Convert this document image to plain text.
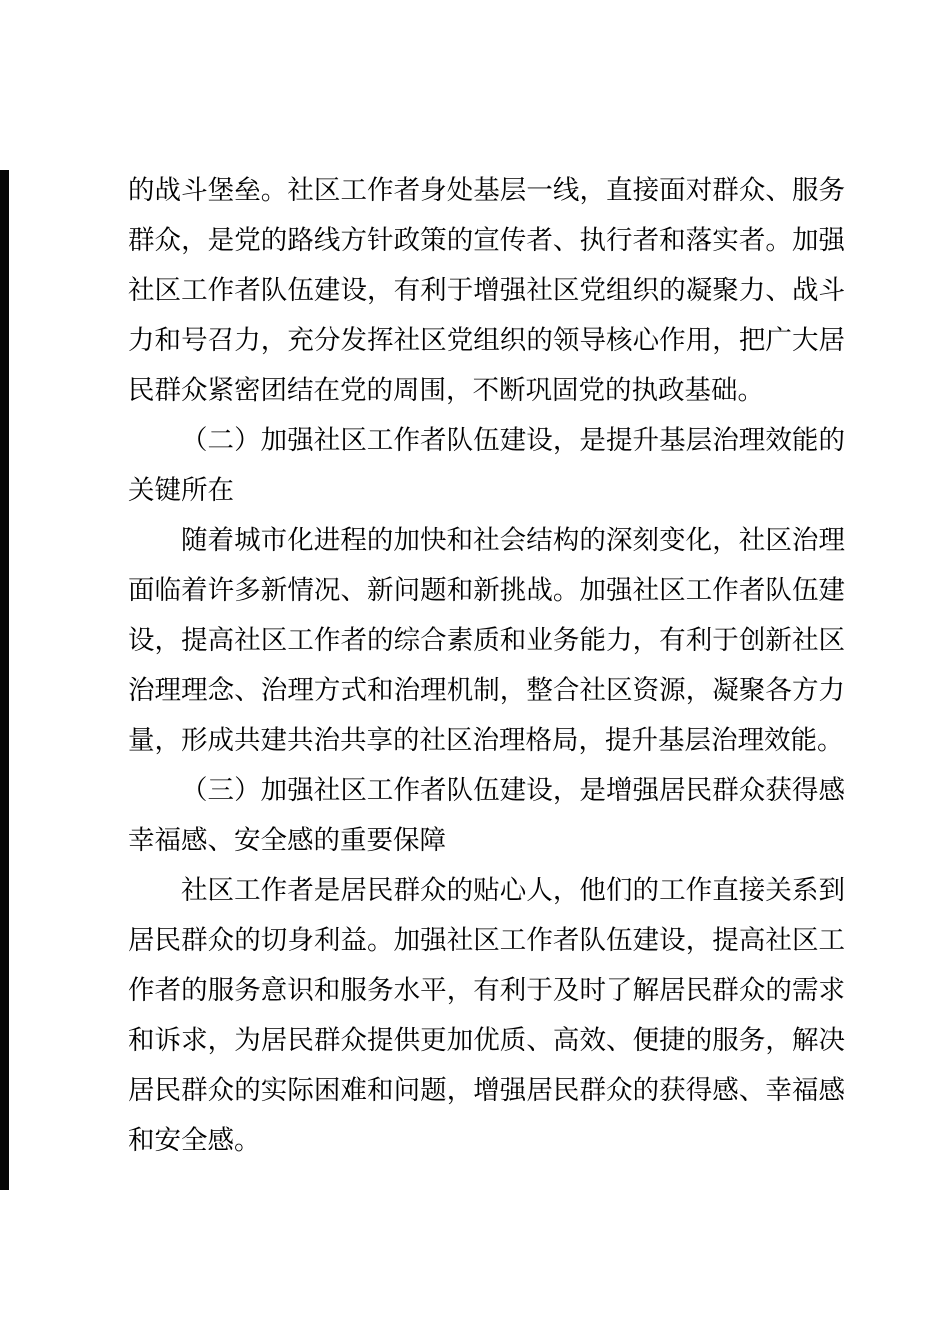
的战斗堡垒。社区工作者身处基层一线，直接面对群众、服务
群众，是党的路线方针政策的宣传者、执行者和落实者。加强
社区工作者队伍建设，有利于增强社区党组织的凝聚力、战斗
力和号召力，充分发挥社区党组织的领导核心作用，把广大居
民群众紧密团结在党的周围，不断巩固党的执政基础。
（二）加强社区工作者队伍建设，是提升基层治理效能的
关键所在
随着城市化进程的加快和社会结构的深刻变化，社区治理
面临着许多新情况、新问题和新挑战。加强社区工作者队伍建
设，提高社区工作者的综合素质和业务能力，有利于创新社区
治理理念、治理方式和治理机制，整合社区资源，凝聚各方力
量，形成共建共治共享的社区治理格局，提升基层治理效能。
（三）加强社区工作者队伍建设，是增强居民群众获得感
幸福感、安全感的重要保障
社区工作者是居民群众的贴心人，他们的工作直接关系到
居民群众的切身利益。加强社区工作者队伍建设，提高社区工
作者的服务意识和服务水平，有利于及时了解居民群众的需求
和诉求，为居民群众提供更加优质、高效、便捷的服务，解决
居民群众的实际困难和问题，增强居民群众的获得感、幸福感
和安全感。
